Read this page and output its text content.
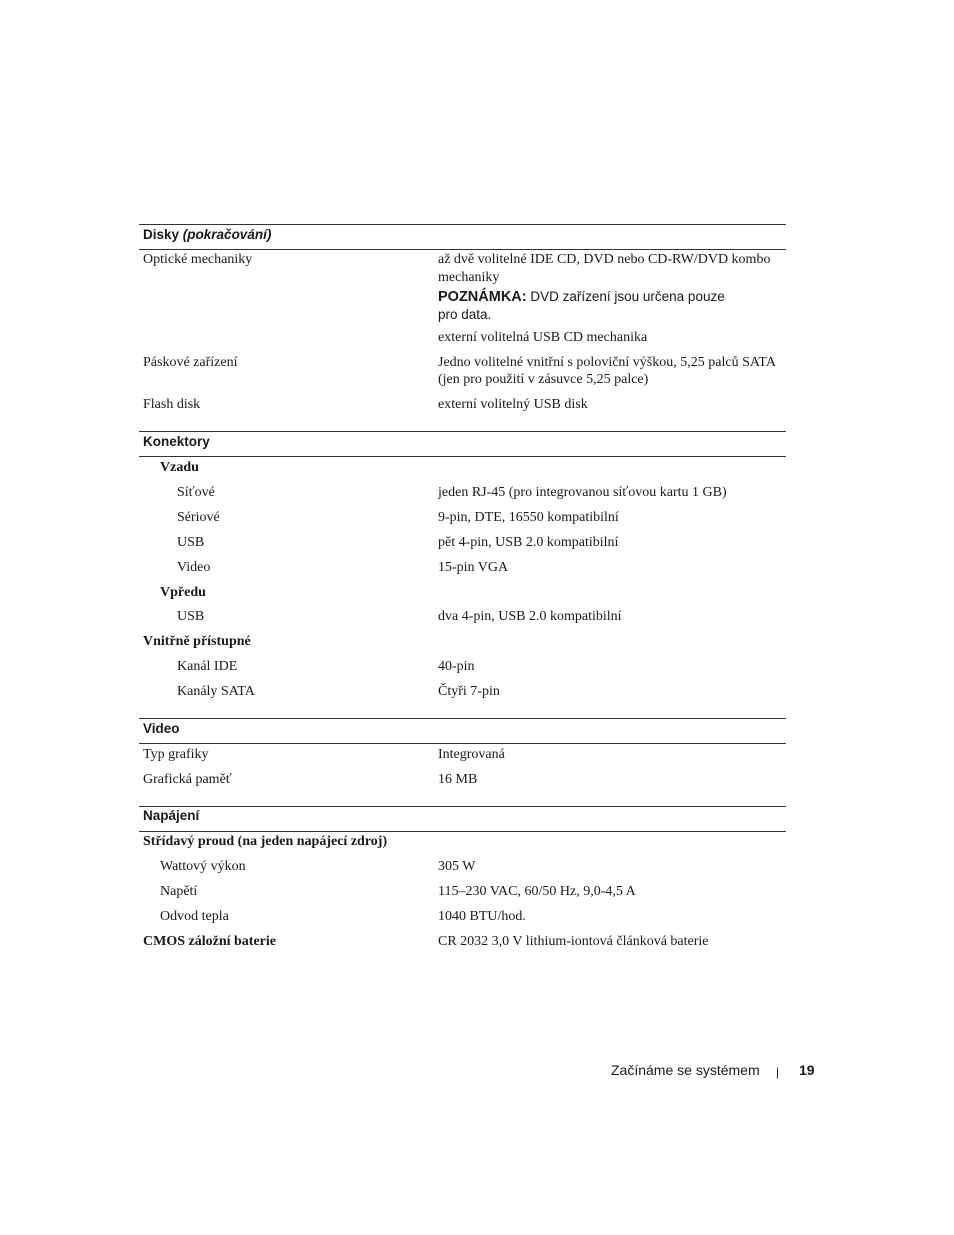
Disky (pokračování)
Optické mechaniky	až dvě volitelné IDE CD, DVD nebo CD-RW/DVD kombo
mechaniky
POZNÁMKA: DVD zařízení jsou určena pouze
pro data.
externí volitelná USB CD mechanika
Páskové zařízení	Jedno volitelné vnitřní s poloviční výškou, 5,25 palců SATA
(jen pro použití v zásuvce 5,25 palce)
Flash disk	externí volitelný USB disk
Konektory
Vzadu
Síťové	jeden RJ-45 (pro integrovanou síťovou kartu 1 GB)
Sériové	9-pin, DTE, 16550 kompatibilní
USB	pět 4-pin, USB 2.0 kompatibilní
Video	15-pin VGA
Vpředu
USB	dva 4-pin, USB 2.0 kompatibilní
Vnitřně přístupné
Kanál IDE	40-pin
Kanály SATA	Čtyři 7-pin
Video
Typ grafiky	Integrovaná
Grafická paměť	16 MB
Napájení
Střídavý proud (na jeden napájecí zdroj)
Wattový výkon	305 W
Napětí	115–230 VAC, 60/50 Hz, 9,0-4,5 A
Odvod tepla	1040 BTU/hod.
CMOS záložní baterie	CR 2032 3,0 V lithium-iontová článková baterie
Začínáme se systémem | 19
